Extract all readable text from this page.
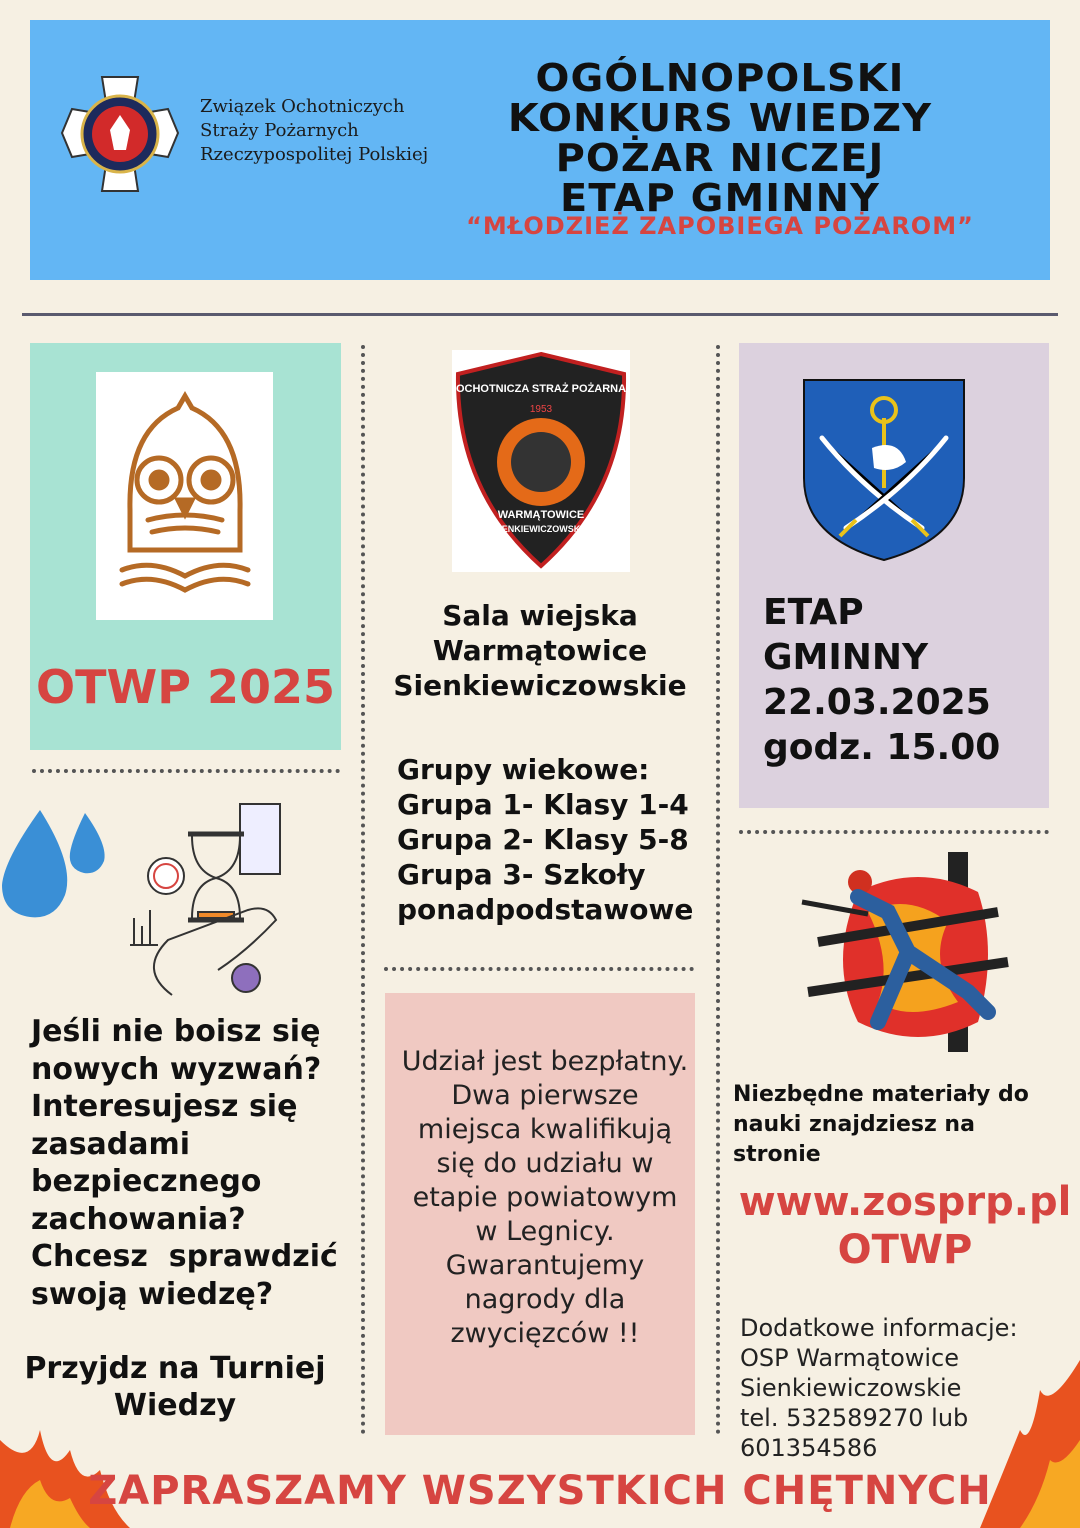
Związek Ochotniczych
Straży Pożarnych
Rzeczypospolitej Polskiej
OGÓLNOPOLSKI
KONKURS WIEDZY
POŻAR NICZEJ
ETAP GMINNY
“MŁODZIEŻ ZAPOBIEGA POŻAROM”
OTWP 2025
Jeśli nie boisz się
nowych wyzwań?
Interesujesz się
zasadami
bezpiecznego
zachowania?
Chcesz  sprawdzić
swoją wiedzę?
Przyjdz na Turniej
Wiedzy
OCHOTNICZA STRAŻ POŻARNA
1953
WARMĄTOWICE
SIENKIEWICZOWSKIE
Sala wiejska
Warmątowice
Sienkiewiczowskie
Grupy wiekowe:
Grupa 1- Klasy 1-4
Grupa 2- Klasy 5-8
Grupa 3- Szkoły
ponadpodstawowe
Udział jest bezpłatny.
Dwa pierwsze
miejsca kwalifikują
się do udziału w
etapie powiatowym
w Legnicy.
Gwarantujemy
nagrody dla
zwycięzców !!
ETAP
GMINNY
22.03.2025
godz. 15.00
Niezbędne materiały do
nauki znajdziesz na stronie
www.zosprp.pl
OTWP
Dodatkowe informacje:
OSP Warmątowice
Sienkiewiczowskie
tel. 532589270 lub
601354586
ZAPRASZAMY WSZYSTKICH CHĘTNYCH
